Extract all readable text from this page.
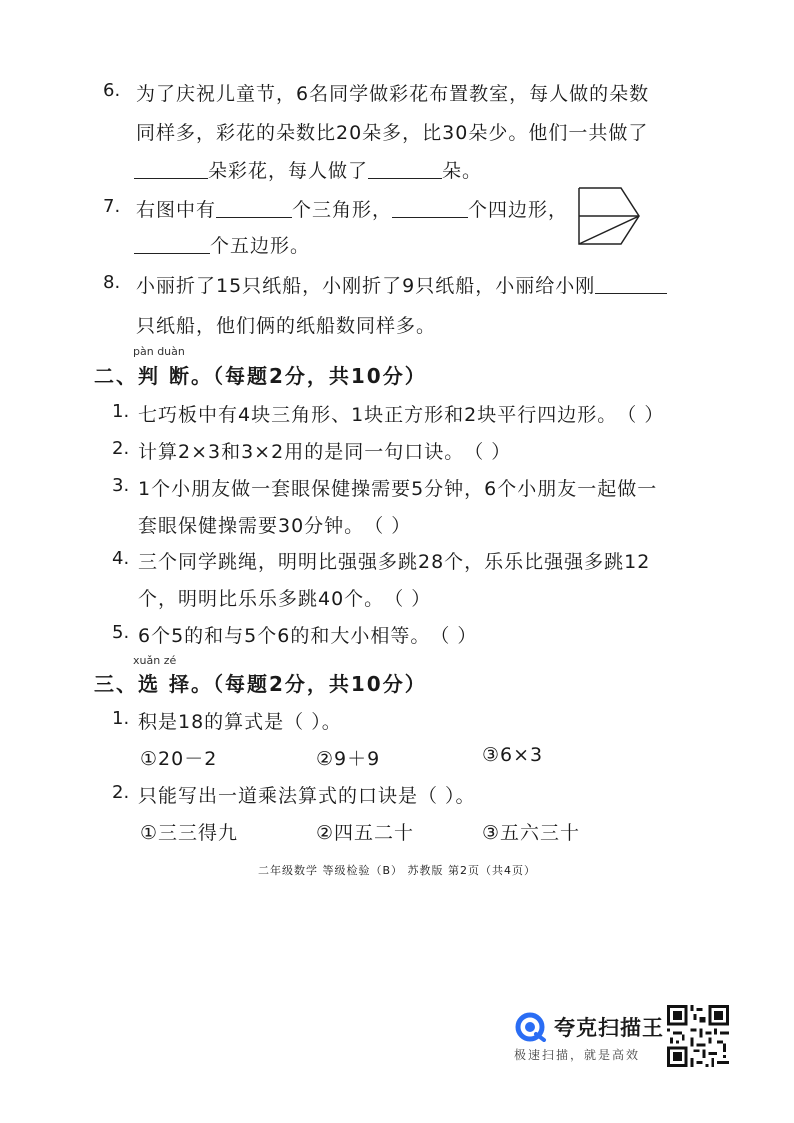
6. 为了庆祝儿童节，6名同学做彩花布置教室，每人做的朵数
同样多，彩花的朵数比20朵多，比30朵少。他们一共做了
朵彩花，每人做了	朵。
7. 右图中有	个三角形，	个四边形，
个五边形。
8. 小丽折了15只纸船，小刚折了9只纸船，小丽给小刚
只纸船，他们俩的纸船数同样多。
pàn duàn
二、判 断。（每题2分，共10分）
1. 七巧板中有4块三角形、1块正方形和2块平行四边形。（ ）
2. 计算2×3和3×2用的是同一句口诀。（ ）
3. 1个小朋友做一套眼保健操需要5分钟，6个小朋友一起做一
套眼保健操需要30分钟。（ ）
4. 三个同学跳绳，明明比强强多跳28个，乐乐比强强多跳12
个，明明比乐乐多跳40个。（ ）
5. 6个5的和与5个6的和大小相等。（ ）
xuǎn zé
三、选 择。（每题2分，共10分）
1. 积是18的算式是（ ）。
①20－2	②9＋9	③6×3
2. 只能写出一道乘法算式的口诀是（ ）。
①三三得九	②四五二十	③五六三十
二年级数学 等级检验（B） 苏教版 第2页（共4页）
夸克扫描王
极速扫描，就是高效
